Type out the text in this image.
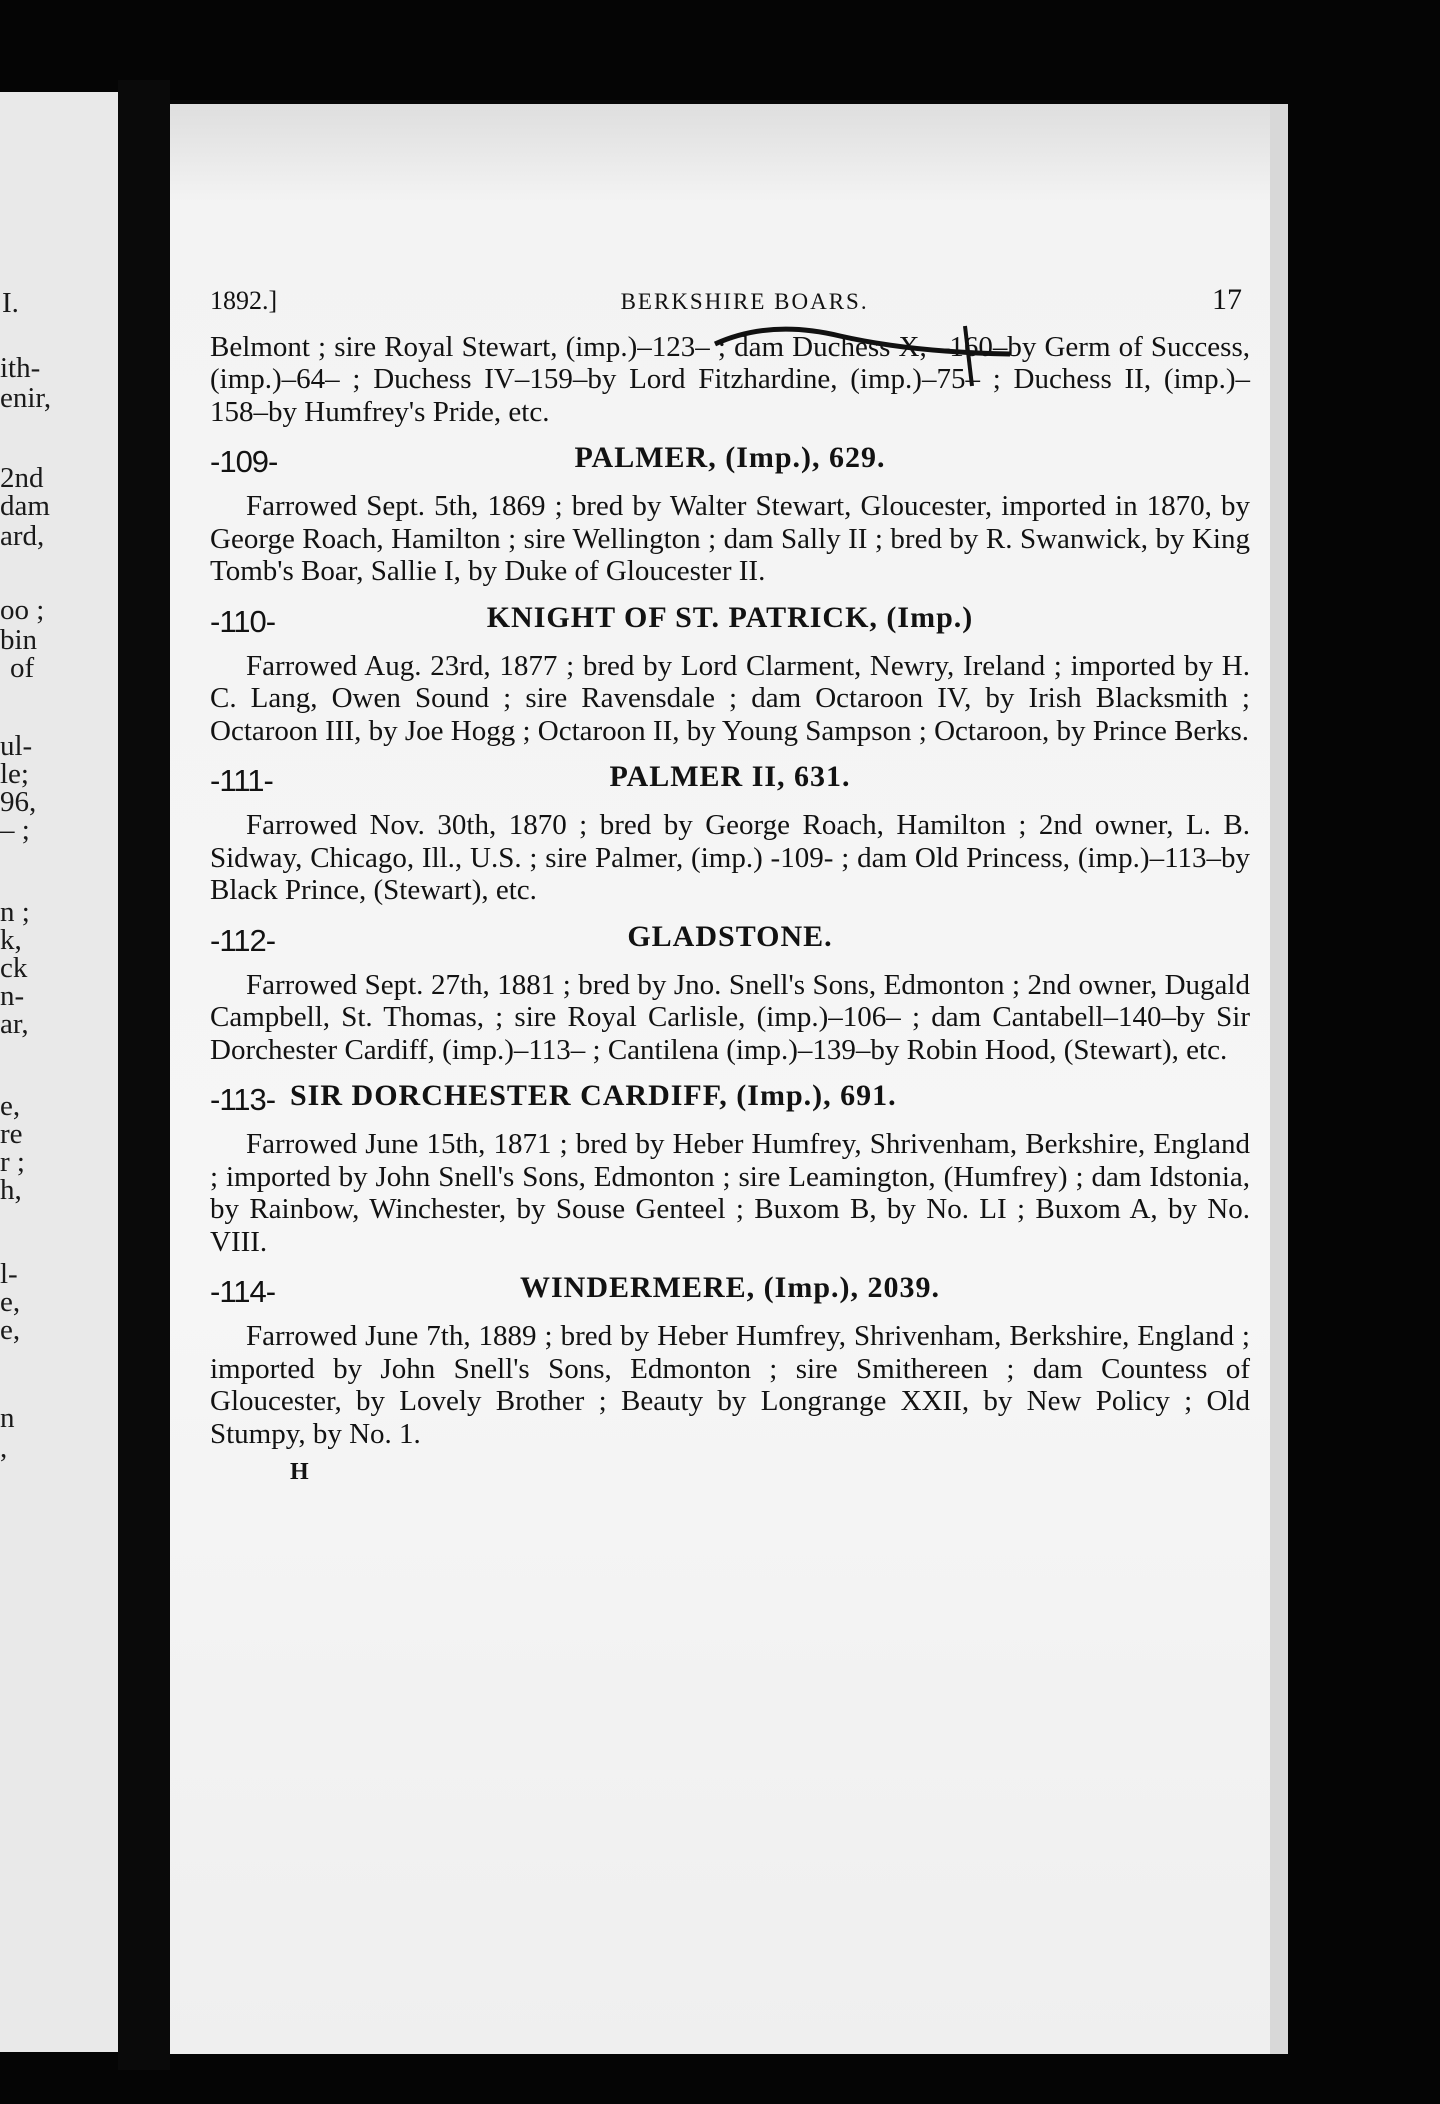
I.
ith-
enir,
2nd
dam
ard,
oo ;
bin
of
ul-
le;
96,
– ;
n ;
k,
ck
n-
ar,
e,
re
r ;
h,
l-
e,
e,
n
,
1892.]	BERKSHIRE BOARS.	17

Belmont ; sire Royal Stewart, (imp.)–123– ; dam Duchess X, –160–by Germ of Success, (imp.)–64– ; Duchess IV–159–by Lord Fitzhardine, (imp.)–75– ; Duchess II, (imp.)–158–by Humfrey's Pride, etc.

-109-	PALMER, (Imp.), 629.

Farrowed Sept. 5th, 1869 ; bred by Walter Stewart, Gloucester, imported in 1870, by George Roach, Hamilton ; sire Wellington ; dam Sally II ; bred by R. Swanwick, by King Tomb's Boar, Sallie I, by Duke of Gloucester II.

-110-	KNIGHT OF ST. PATRICK, (Imp.)

Farrowed Aug. 23rd, 1877 ; bred by Lord Clarment, Newry, Ireland ; imported by H. C. Lang, Owen Sound ; sire Ravensdale ; dam Octaroon IV, by Irish Blacksmith ; Octaroon III, by Joe Hogg ; Octaroon II, by Young Sampson ; Octaroon, by Prince Berks.

-111-	PALMER II, 631.

Farrowed Nov. 30th, 1870 ; bred by George Roach, Hamilton ; 2nd owner, L. B. Sidway, Chicago, Ill., U.S. ; sire Palmer, (imp.) -109- ; dam Old Princess, (imp.)–113–by Black Prince, (Stewart), etc.

-112-	GLADSTONE.

Farrowed Sept. 27th, 1881 ; bred by Jno. Snell's Sons, Edmonton ; 2nd owner, Dugald Campbell, St. Thomas, ; sire Royal Carlisle, (imp.)–106– ; dam Cantabell–140–by Sir Dorchester Cardiff, (imp.)–113– ; Cantilena (imp.)–139–by Robin Hood, (Stewart), etc.

-113- SIR DORCHESTER CARDIFF, (Imp.), 691.

Farrowed June 15th, 1871 ; bred by Heber Humfrey, Shrivenham, Berkshire, England ; imported by John Snell's Sons, Edmonton ; sire Leamington, (Humfrey) ; dam Idstonia, by Rainbow, Winchester, by Souse Genteel ; Buxom B, by No. LI ; Buxom A, by No. VIII.

-114-	WINDERMERE, (Imp.), 2039.

Farrowed June 7th, 1889 ; bred by Heber Humfrey, Shrivenham, Berkshire, England ; imported by John Snell's Sons, Edmonton ; sire Smithereen ; dam Countess of Gloucester, by Lovely Brother ; Beauty by Longrange XXII, by New Policy ; Old Stumpy, by No. 1.

H
